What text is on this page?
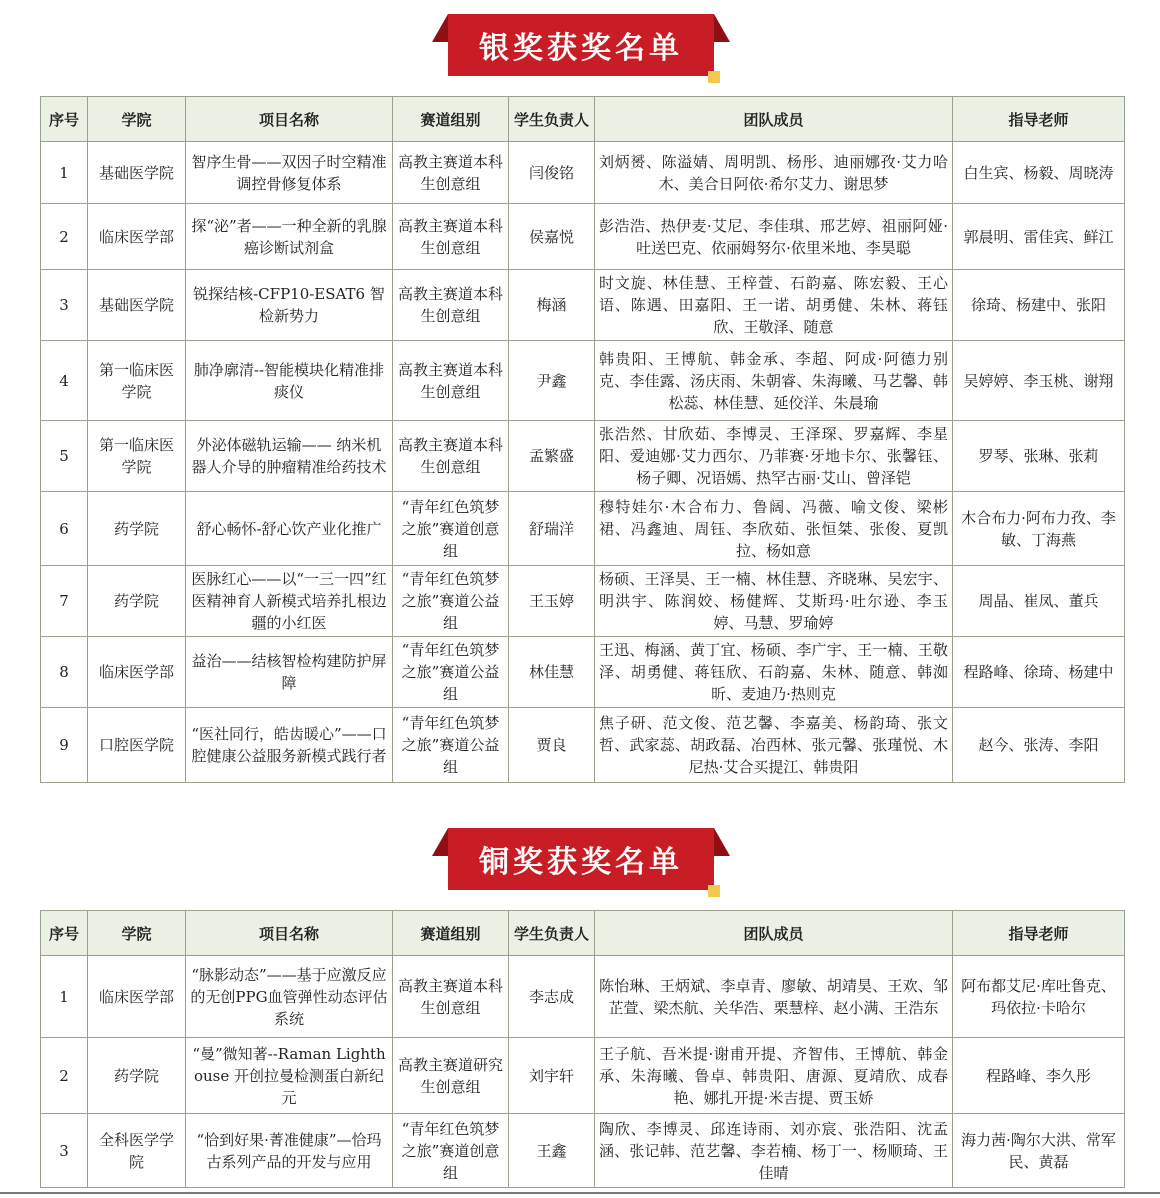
银奖获奖名单
序号	学院	项目名称	赛道组别	学生负责人	团队成员	指导老师
1	基础医学院	智序生骨——双因子时空精准调控骨修复体系	高教主赛道本科生创意组	闫俊铭	刘炳赟、陈溢婧、周明凯、杨彤、迪丽娜孜·艾力哈木、美合日阿依·希尔艾力、谢思梦	白生宾、杨毅、周晓涛
2	临床医学部	探“泌”者——一种全新的乳腺癌诊断试剂盒	高教主赛道本科生创意组	侯嘉悦	彭浩浩、热伊麦·艾尼、李佳琪、邢艺婷、祖丽阿娅·吐送巴克、依丽姆努尔·依里米地、李昊聪	郭晨明、雷佳宾、鲜江
3	基础医学院	锐探结核-CFP10-ESAT6 智检新势力	高教主赛道本科生创意组	梅涵	时文旋、林佳慧、王梓萱、石韵嘉、陈宏毅、王心语、陈遇、田嘉阳、王一诺、胡勇健、朱林、蒋钰欣、王敬泽、随意	徐琦、杨建中、张阳
4	第一临床医学院	肺净廓清--智能模块化精准排痰仪	高教主赛道本科生创意组	尹鑫	韩贵阳、王博航、韩金承、李超、阿成·阿德力别克、李佳露、汤庆雨、朱朝睿、朱海曦、马艺馨、韩松蕊、林佳慧、延佼洋、朱晨瑜	吴婷婷、李玉桃、谢翔
5	第一临床医学院	外泌体磁轨运输—— 纳米机器人介导的肿瘤精准给药技术	高教主赛道本科生创意组	孟繁盛	张浩然、甘欣茹、李博灵、王泽琛、罗嘉辉、李星阳、爱迪娜·艾力西尔、乃菲赛·牙地卡尔、张馨钰、杨子卿、况语嫣、热罕古丽·艾山、曾泽铠	罗琴、张琳、张莉
6	药学院	舒心畅怀-舒心饮产业化推广	“青年红色筑梦之旅”赛道创意组	舒瑞洋	穆特娃尔·木合布力、鲁阔、冯薇、喻文俊、梁彬裙、冯鑫迪、周钰、李欣茹、张恒桀、张俊、夏凯拉、杨如意	木合布力·阿布力孜、李敏、丁海燕
7	药学院	医脉红心——以“一三一四”红医精神育人新模式培养扎根边疆的小红医	“青年红色筑梦之旅”赛道公益组	王玉婷	杨硕、王泽昊、王一楠、林佳慧、齐晓琳、吴宏宇、明洪宇、陈润姣、杨健辉、艾斯玛·吐尔逊、李玉婷、马慧、罗瑜婷	周晶、崔凤、董兵
8	临床医学部	益治——结核智检构建防护屏障	“青年红色筑梦之旅”赛道公益组	林佳慧	王迅、梅涵、黄丁宜、杨硕、李广宇、王一楠、王敬泽、胡勇健、蒋钰欣、石韵嘉、朱林、随意、韩洳昕、麦迪乃·热则克	程路峰、徐琦、杨建中
9	口腔医学院	“医社同行，皓齿暖心”——口腔健康公益服务新模式践行者	“青年红色筑梦之旅”赛道公益组	贾良	焦子研、范文俊、范艺馨、李嘉美、杨韵琦、张文哲、武家蕊、胡政磊、冶西林、张元馨、张瑾悦、木尼热·艾合买提江、韩贵阳	赵今、张涛、李阳
铜奖获奖名单
序号	学院	项目名称	赛道组别	学生负责人	团队成员	指导老师
1	临床医学部	“脉影动态”——基于应激反应的无创PPG血管弹性动态评估系统	高教主赛道本科生创意组	李志成	陈怡琳、王炳斌、李卓青、廖敏、胡靖昊、王欢、邹芷萱、梁杰航、关华浩、栗慧梓、赵小满、王浩东	阿布都艾尼·库吐鲁克、玛依拉·卡哈尔
2	药学院	“曼”微知著--Raman Lighthouse 开创拉曼检测蛋白新纪元	高教主赛道研究生创意组	刘宇轩	王子航、吾米提·谢甫开提、齐智伟、王博航、韩金承、朱海曦、鲁卓、韩贵阳、唐源、夏靖欣、成春艳、娜扎开提·米吉提、贾玉娇	程路峰、李久彤
3	全科医学学院	“恰到好果·菁准健康”—恰玛古系列产品的开发与应用	“青年红色筑梦之旅”赛道创意组	王鑫	陶欣、李博灵、邱连诗雨、刘亦宸、张浩阳、沈孟涵、张记韩、范艺馨、李若楠、杨丁一、杨顺琦、王佳晴	海力茜·陶尔大洪、常军民、黄磊
